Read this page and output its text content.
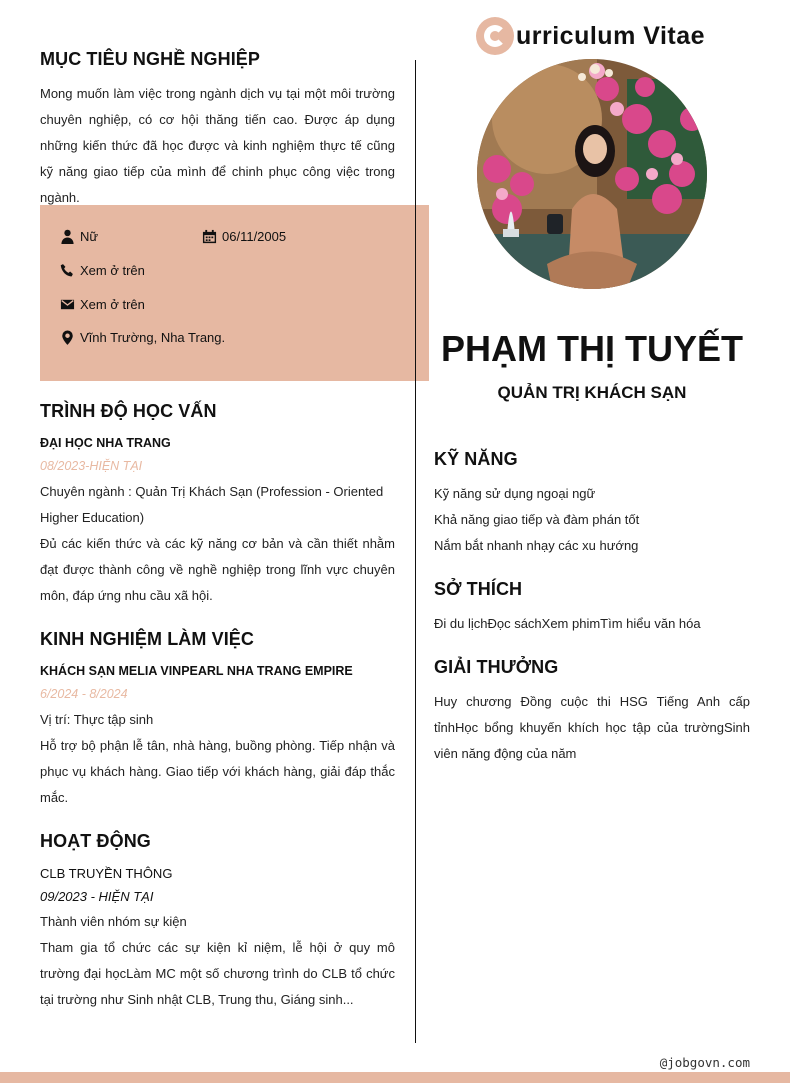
MỤC TIÊU NGHỀ NGHIỆP
Mong muốn làm việc trong ngành dịch vụ tại một môi trường chuyên nghiệp, có cơ hội thăng tiến cao. Được áp dụng những kiến thức đã học được và kinh nghiệm thực tế cũng kỹ năng giao tiếp của mình để chinh phục công việc trong ngành.
Nữ	06/11/2005
Xem ở trên
Xem ở trên
Vĩnh Trường, Nha Trang.
TRÌNH ĐỘ HỌC VẤN
ĐẠI HỌC NHA TRANG
08/2023-HIỆN TẠI
Chuyên ngành : Quản Trị Khách Sạn (Profession - Oriented Higher Education)
Đủ các kiến thức và các kỹ năng cơ bản và cần thiết nhằm đạt được thành công về nghề nghiệp trong lĩnh vực chuyên môn, đáp ứng nhu cầu xã hội.
KINH NGHIỆM LÀM VIỆC
KHÁCH SẠN MELIA VINPEARL NHA TRANG EMPIRE
6/2024 - 8/2024
Vị trí: Thực tập sinh
Hỗ trợ bộ phận lễ tân, nhà hàng, buồng phòng. Tiếp nhận và phục vụ khách hàng. Giao tiếp với khách hàng, giải đáp thắc mắc.
HOẠT ĐỘNG
CLB TRUYỀN THÔNG
09/2023 - HIỆN TẠI
Thành viên nhóm sự kiện
Tham gia tổ chức các sự kiện kỉ niệm, lễ hội ở quy mô trường đại họcLàm MC một số chương trình do CLB tổ chức tại trường như Sinh nhật CLB, Trung thu, Giáng sinh...
urriculum Vitae
PHẠM THỊ TUYẾT
QUẢN TRỊ KHÁCH SẠN
KỸ NĂNG
Kỹ năng sử dụng ngoại ngữ
Khả năng giao tiếp và đàm phán tốt
Nắm bắt nhanh nhạy các xu hướng
SỞ THÍCH
Đi du lịchĐọc sáchXem phimTìm hiểu văn hóa
GIẢI THƯỞNG
Huy chương Đồng cuộc thi HSG Tiếng Anh cấp tỉnhHọc bổng khuyến khích học tập của trườngSinh viên năng động của năm
@jobgovn.com
